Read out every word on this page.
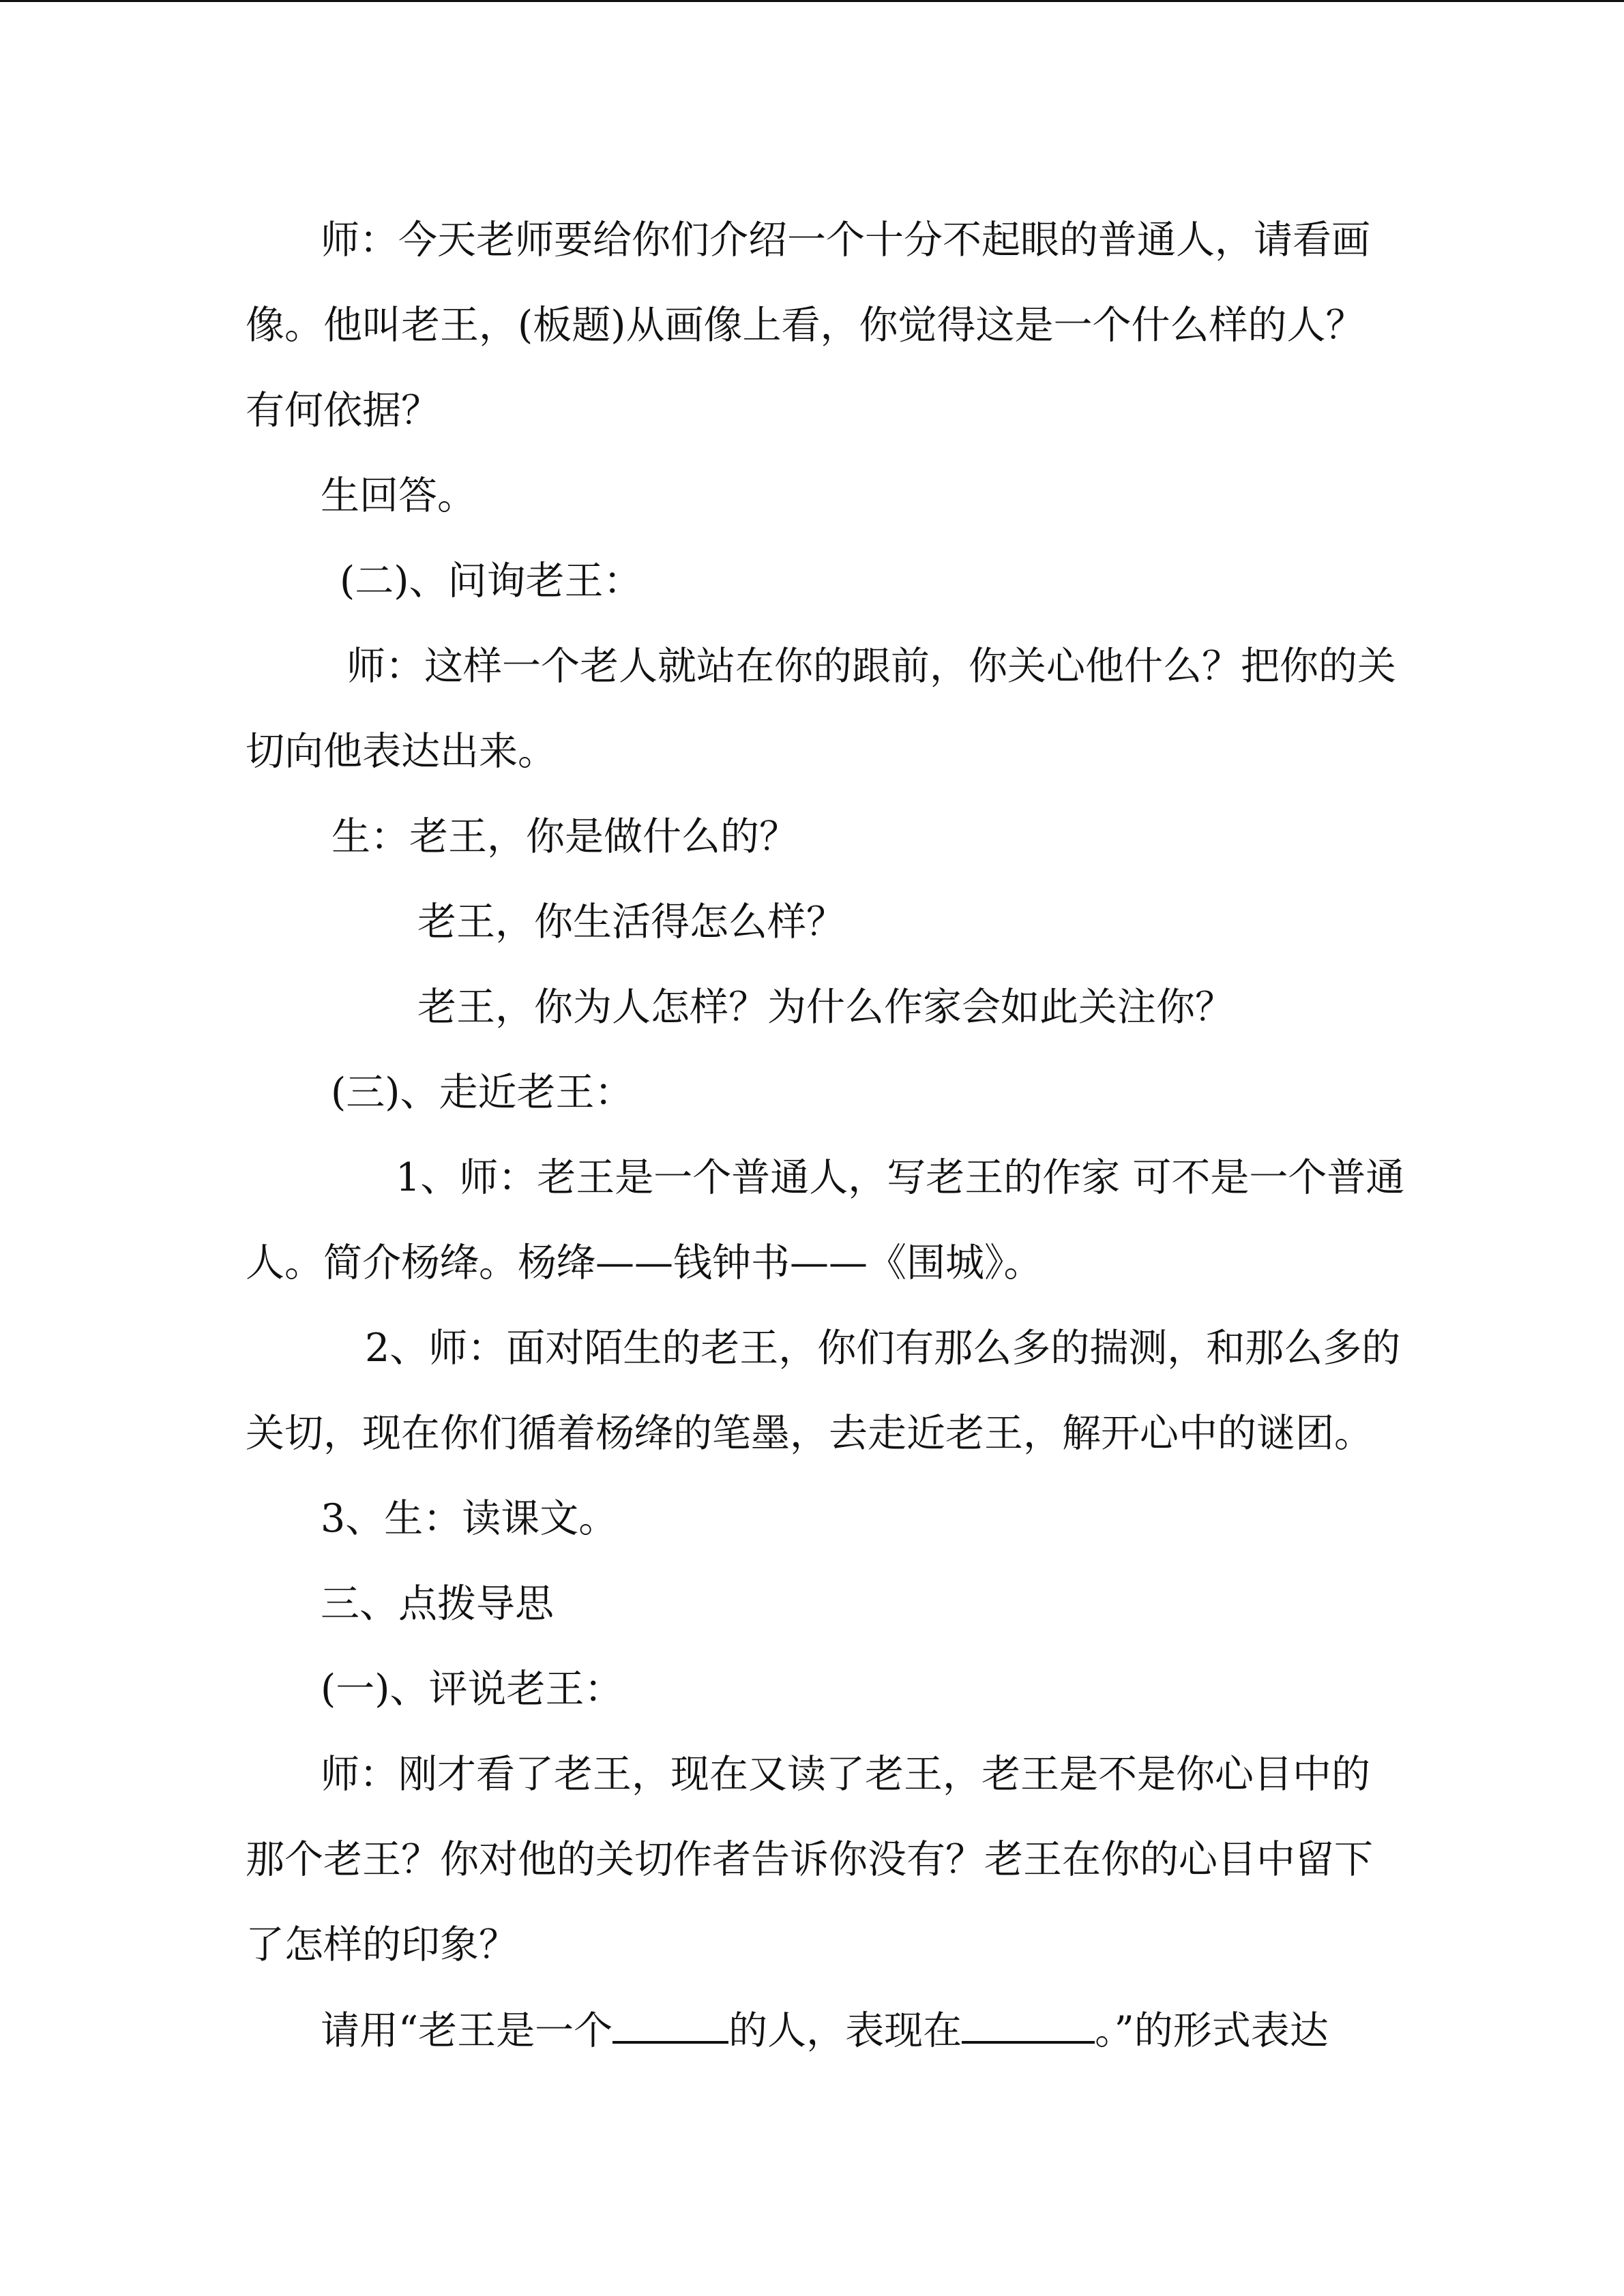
师：今天老师要给你们介绍一个十分不起眼的普通人，请看画
像。他叫老王，(板题)从画像上看，你觉得这是一个什么样的人？
有何依据？
生回答。
(二)、问询老王：
师：这样一个老人就站在你的跟前，你关心他什么？把你的关
切向他表达出来。
生：老王，你是做什么的？
老王，你生活得怎么样？
老王，你为人怎样？为什么作家会如此关注你？
(三)、走近老王：
1、师：老王是一个普通人，写老王的作家 可不是一个普通
人。简介杨绛。杨绛——钱钟书——《围城》。
2、师：面对陌生的老王，你们有那么多的揣测，和那么多的
关切，现在你们循着杨绛的笔墨，去走近老王，解开心中的谜团。
3、生：读课文。
三、点拨导思
(一)、评说老王：
师：刚才看了老王，现在又读了老王，老王是不是你心目中的
那个老王？你对他的关切作者告诉你没有？老王在你的心目中留下
了怎样的印象？
请用“老王是一个	的人，表现在	。”的形式表达
